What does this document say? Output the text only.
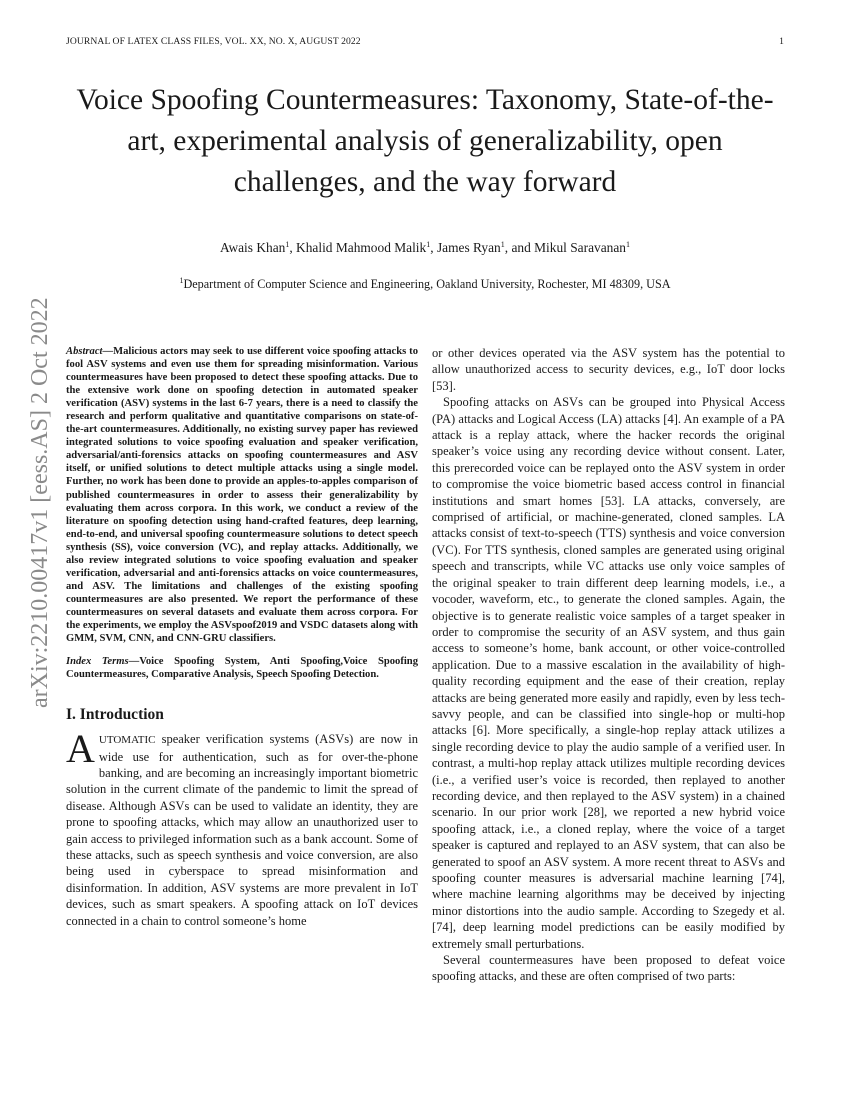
JOURNAL OF LATEX CLASS FILES, VOL. XX, NO. X, AUGUST 2022	1
Voice Spoofing Countermeasures: Taxonomy, State-of-the-art, experimental analysis of generalizability, open challenges, and the way forward
Awais Khan$^1$, Khalid Mahmood Malik$^1$, James Ryan$^1$, and Mikul Saravanan$^1$
$^1$Department of Computer Science and Engineering, Oakland University, Rochester, MI 48309, USA
arXiv:2210.00417v1 [eess.AS] 2 Oct 2022	Abstract—Malicious actors may seek to use different voice spoofing attacks to fool ASV systems and even use them for spreading misinformation. Various countermeasures have been proposed to detect these spoofing attacks. Due to the extensive work done on spoofing detection in automated speaker verification (ASV) systems in the last 6-7 years, there is a need to classify the research and perform qualitative and quantitative comparisons on state-of-the-art countermeasures. Additionally, no existing survey paper has reviewed integrated solutions to voice spoofing evaluation and speaker verification, adversarial/anti-forensics attacks on spoofing countermeasures and ASV itself, or unified solutions to detect multiple attacks using a single model. Further, no work has been done to provide an apples-to-apples comparison of published countermeasures in order to assess their generalizability by evaluating them across corpora. In this work, we conduct a review of the literature on spoofing detection using hand-crafted features, deep learning, end-to-end, and universal spoofing countermeasure solutions to detect speech synthesis (SS), voice conversion (VC), and replay attacks. Additionally, we also review integrated solutions to voice spoofing evaluation and speaker verification, adversarial and anti-forensics attacks on voice countermeasures, and ASV. The limitations and challenges of the existing spoofing countermeasures are also presented. We report the performance of these countermeasures on several datasets and evaluate them across corpora. For the experiments, we employ the ASVspoof2019 and VSDC datasets along with GMM, SVM, CNN, and CNN-GRU classifiers.

Index Terms—Voice Spoofing System, Anti Spoofing,Voice Spoofing Countermeasures, Comparative Analysis, Speech Spoofing Detection.

I. Introduction

AUTOMATIC speaker verification systems (ASVs) are now in wide use for authentication, such as for over-the-phone banking, and are becoming an increasingly important biometric solution in the current climate of the pandemic to limit the spread of disease. Although ASVs can be used to validate an identity, they are prone to spoofing attacks, which may allow an unauthorized user to gain access to privileged information such as a bank account. Some of these attacks, such as speech synthesis and voice conversion, are also being used in cyberspace to spread misinformation and disinformation. In addition, ASV systems are more prevalent in IoT devices, such as smart speakers. A spoofing attack on IoT devices connected in a chain to control someone’s home

or other devices operated via the ASV system has the potential to allow unauthorized access to security devices, e.g., IoT door locks [53].

Spoofing attacks on ASVs can be grouped into Physical Access (PA) attacks and Logical Access (LA) attacks [4]. An example of a PA attack is a replay attack, where the hacker records the original speaker’s voice using any recording device without consent. Later, this prerecorded voice can be replayed onto the ASV system in order to compromise the voice biometric based access control in financial institutions and smart homes [53]. LA attacks, conversely, are comprised of artificial, or machine-generated, cloned samples. LA attacks consist of text-to-speech (TTS) synthesis and voice conversion (VC). For TTS synthesis, cloned samples are generated using original speech and transcripts, while VC attacks use only voice samples of the original speaker to train different deep learning models, i.e., a vocoder, waveform, etc., to generate the cloned samples. Again, the objective is to generate realistic voice samples of a target speaker in order to compromise the security of an ASV system, and thus gain access to someone’s home, bank account, or other voice-controlled application. Due to a massive escalation in the availability of high-quality recording equipment and the ease of their creation, replay attacks are being generated more easily and rapidly, even by less tech-savvy people, and can be classified into single-hop or multi-hop attacks [6]. More specifically, a single-hop replay attack utilizes a single recording device to play the audio sample of a verified user. In contrast, a multi-hop replay attack utilizes multiple recording devices (i.e., a verified user’s voice is recorded, then replayed to another recording device, and then replayed to the ASV system) in a chained scenario. In our prior work [28], we reported a new hybrid voice spoofing attack, i.e., a cloned replay, where the voice of a target speaker is captured and replayed to an ASV system, that can also be generated to spoof an ASV system. A more recent threat to ASVs and spoofing counter measures is adversarial machine learning [74], where machine learning algorithms may be deceived by injecting minor distortions into the audio sample. According to Szegedy et al. [74], deep learning model predictions can be easily modified by extremely small perturbations.

Several countermeasures have been proposed to defeat voice spoofing attacks, and these are often comprised of two parts:
